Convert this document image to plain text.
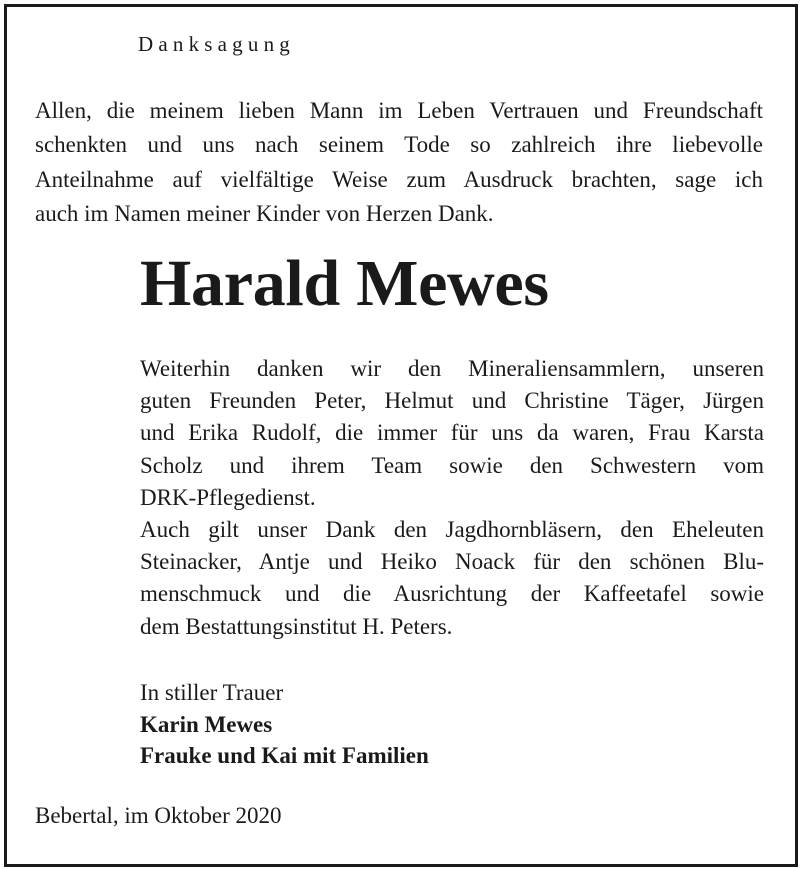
Danksagung
Allen, die meinem lieben Mann im Leben Vertrauen und Freundschaft
schenkten und uns nach seinem Tode so zahlreich ihre liebevolle
Anteilnahme auf vielfältige Weise zum Ausdruck brachten, sage ich
auch im Namen meiner Kinder von Herzen Dank.
Harald Mewes
Weiterhin danken wir den Mineraliensammlern, unseren
guten Freunden Peter, Helmut und Christine Täger, Jürgen
und Erika Rudolf, die immer für uns da waren, Frau Karsta
Scholz und ihrem Team sowie den Schwestern vom
DRK-Pflegedienst.
Auch gilt unser Dank den Jagdhornbläsern, den Eheleuten
Steinacker, Antje und Heiko Noack für den schönen Blu-
menschmuck und die Ausrichtung der Kaffeetafel sowie
dem Bestattungsinstitut H. Peters.
In stiller Trauer
Karin Mewes
Frauke und Kai mit Familien
Bebertal, im Oktober 2020
